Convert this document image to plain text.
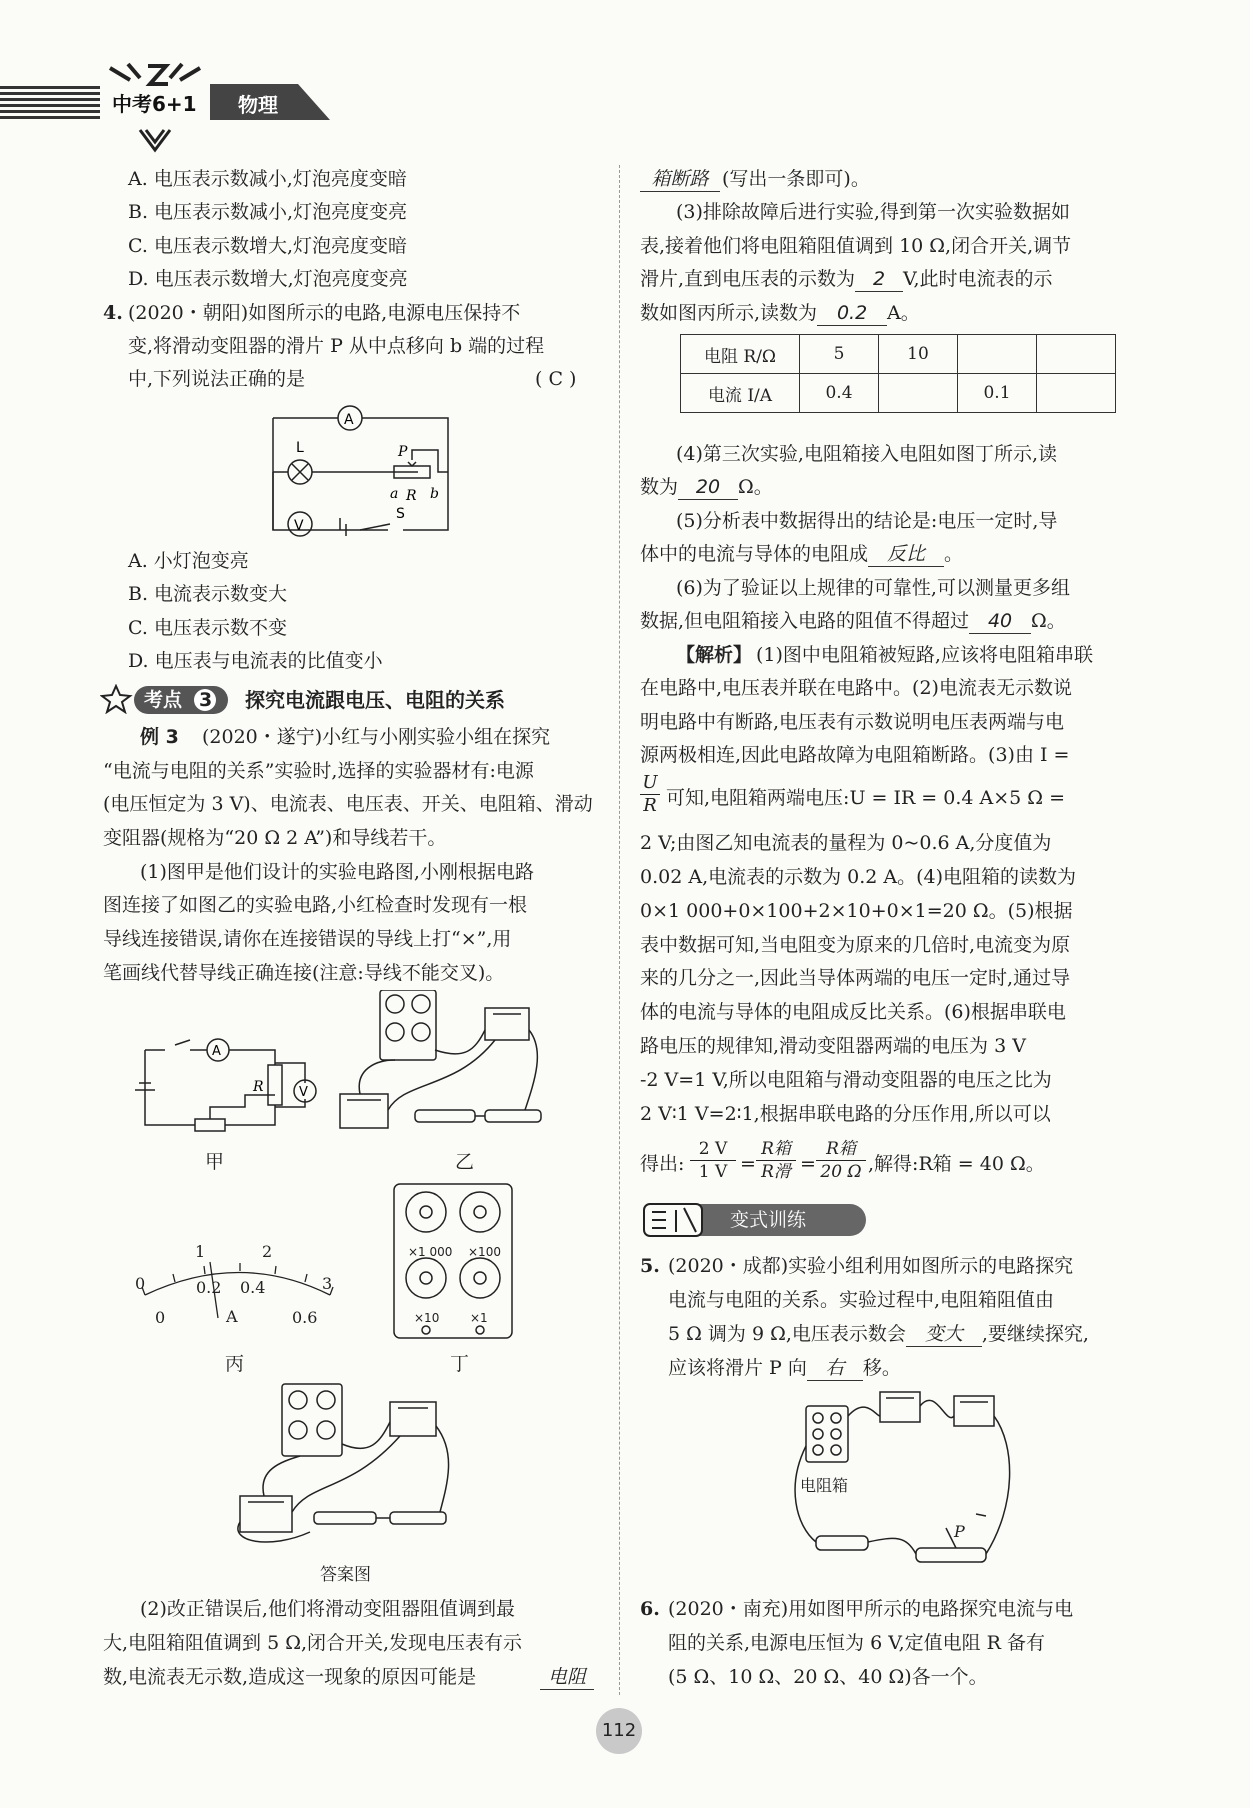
中考6+1 物理
A. 电压表示数减小,灯泡亮度变暗
B. 电压表示数减小,灯泡亮度变亮
C. 电压表示数增大,灯泡亮度变暗
D. 电压表示数增大,灯泡亮度变亮
4. (2020・朝阳)如图所示的电路,电源电压保持不
变,将滑动变阻器的滑片 P 从中点移向 b 端的过程
中,下列说法正确的是	( C )
A
V
L	P
a R b
S
A. 小灯泡变亮
B. 电流表示数变大
C. 电压表示数不变
D. 电压表与电流表的比值变小
考点 3 探究电流跟电压、电阻的关系
例 3 (2020・遂宁)小红与小刚实验小组在探究
“电流与电阻的关系”实验时,选择的实验器材有:电源
(电压恒定为 3 V)、电流表、电压表、开关、电阻箱、滑动
变阻器(规格为“20 Ω 2 A”)和导线若干。
(1)图甲是他们设计的实验电路图,小刚根据电路
图连接了如图乙的实验电路,小红检查时发现有一根
导线连接错误,请你在连接错误的导线上打“×”,用
笔画线代替导线正确连接(注意:导线不能交叉)。
A
R	V
甲	乙
0
1	2
3
0
0.2 0.4
0.6
A
丙
×1 000 ×100
×10	×1
丁
答案图
(2)改正错误后,他们将滑动变阻器阻值调到最
大,电阻箱阻值调到 5 Ω,闭合开关,发现电压表有示
数,电流表无示数,造成这一现象的原因可能是	电阻
箱断路 (写出一条即可)。
(3)排除故障后进行实验,得到第一次实验数据如
表,接着他们将电阻箱阻值调到 10 Ω,闭合开关,调节
滑片,直到电压表的示数为 2 V,此时电流表的示
数如图丙所示,读数为 0.2 A。
电阻 R/Ω	5	10		
电流 I/A	0.4		0.1	
(4)第三次实验,电阻箱接入电阻如图丁所示,读
数为 20 Ω。
(5)分析表中数据得出的结论是:电压一定时,导
体中的电流与导体的电阻成 反比 。
(6)为了验证以上规律的可靠性,可以测量更多组
数据,但电阻箱接入电路的阻值不得超过 40 Ω。
【解析】 (1)图中电阻箱被短路,应该将电阻箱串联
在电路中,电压表并联在电路中。(2)电流表无示数说
明电路中有断路,电压表有示数说明电压表两端与电
源两极相连,因此电路故障为电阻箱断路。(3)由 I =
$\frac{U}{R}$ 可知,电阻箱两端电压:U = IR = 0.4 A×5 Ω =
2 V;由图乙知电流表的量程为 0~0.6 A,分度值为
0.02 A,电流表的示数为 0.2 A。(4)电阻箱的读数为
0×1 000+0×100+2×10+0×1=20 Ω。(5)根据
表中数据可知,当电阻变为原来的几倍时,电流变为原
来的几分之一,因此当导体两端的电压一定时,通过导
体的电流与导体的电阻成反比关系。(6)根据串联电
路电压的规律知,滑动变阻器两端的电压为 3 V
-2 V=1 V,所以电阻箱与滑动变阻器的电压之比为
2 V∶1 V=2∶1,根据串联电路的分压作用,所以可以
得出: $\frac{2 V}{1 V}$ =
R箱
R滑 =
R箱
20 Ω ,解得:R箱 = 40 Ω。
变式训练
5. (2020・成都)实验小组利用如图所示的电路探究
电流与电阻的关系。实验过程中,电阻箱阻值由
5 Ω 调为 9 Ω,电压表示数会 变大 ,要继续探究,
应该将滑片 P 向 右 移。
电阻箱
P
6. (2020・南充)用如图甲所示的电路探究电流与电
阻的关系,电源电压恒为 6 V,定值电阻 R 备有
(5 Ω、10 Ω、20 Ω、40 Ω)各一个。
112
